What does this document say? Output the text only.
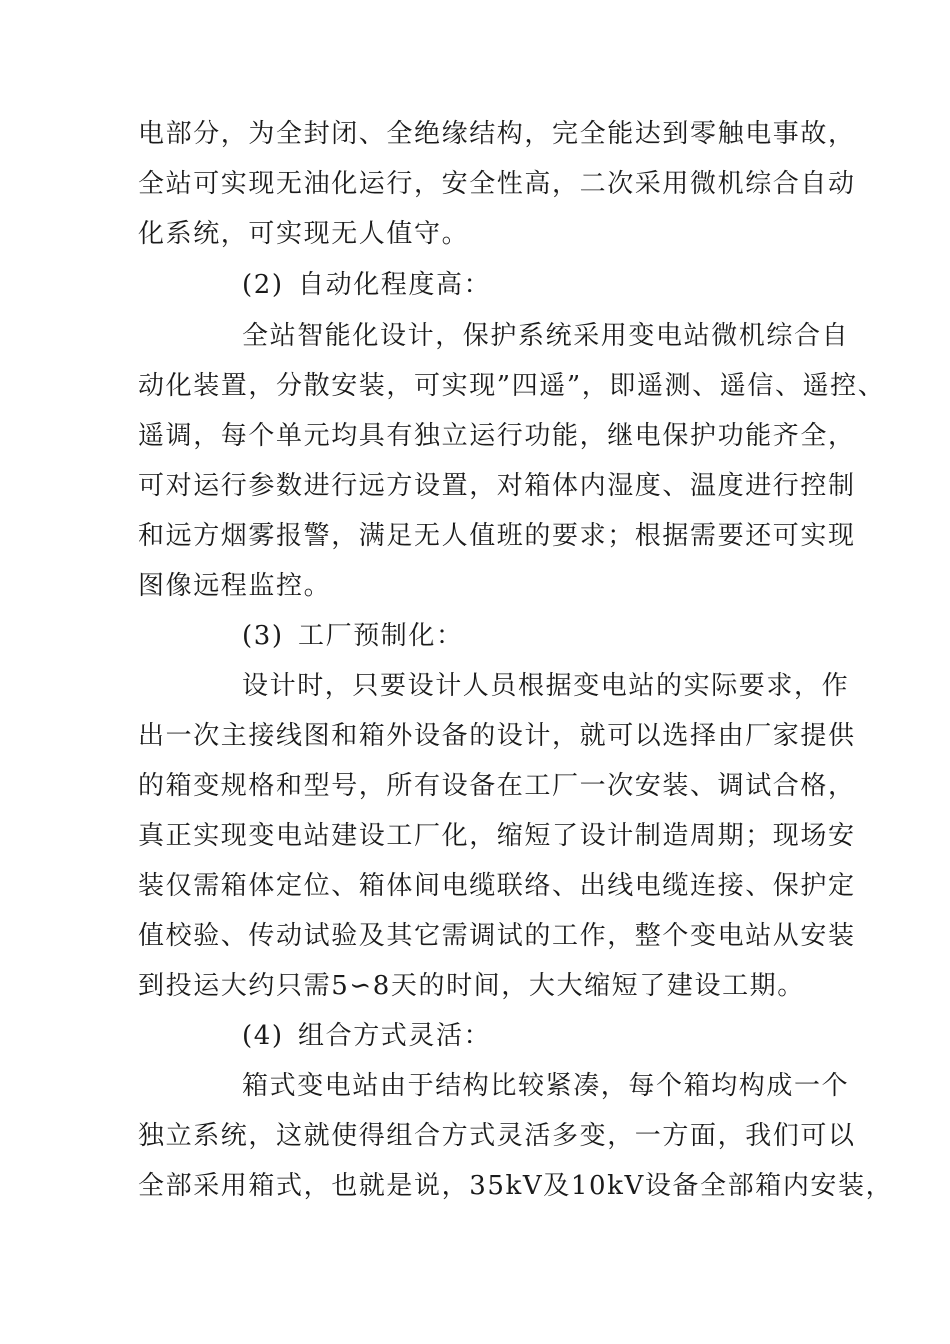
电部分，为全封闭、全绝缘结构，完全能达到零触电事故，
全站可实现无油化运行，安全性高，二次采用微机综合自动
化系统，可实现无人值守。
(2) 自动化程度高：
全站智能化设计，保护系统采用变电站微机综合自
动化装置，分散安装，可实现”四遥”，即遥测、遥信、遥控、
遥调，每个单元均具有独立运行功能，继电保护功能齐全，
可对运行参数进行远方设置，对箱体内湿度、温度进行控制
和远方烟雾报警，满足无人值班的要求；根据需要还可实现
图像远程监控。
(3) 工厂预制化：
设计时，只要设计人员根据变电站的实际要求，作
出一次主接线图和箱外设备的设计，就可以选择由厂家提供
的箱变规格和型号，所有设备在工厂一次安装、调试合格，
真正实现变电站建设工厂化，缩短了设计制造周期；现场安
装仅需箱体定位、箱体间电缆联络、出线电缆连接、保护定
值校验、传动试验及其它需调试的工作，整个变电站从安装
到投运大约只需5∽8天的时间，大大缩短了建设工期。
(4) 组合方式灵活：
箱式变电站由于结构比较紧凑，每个箱均构成一个
独立系统，这就使得组合方式灵活多变，一方面，我们可以
全部采用箱式，也就是说，35kV及10kV设备全部箱内安装，
